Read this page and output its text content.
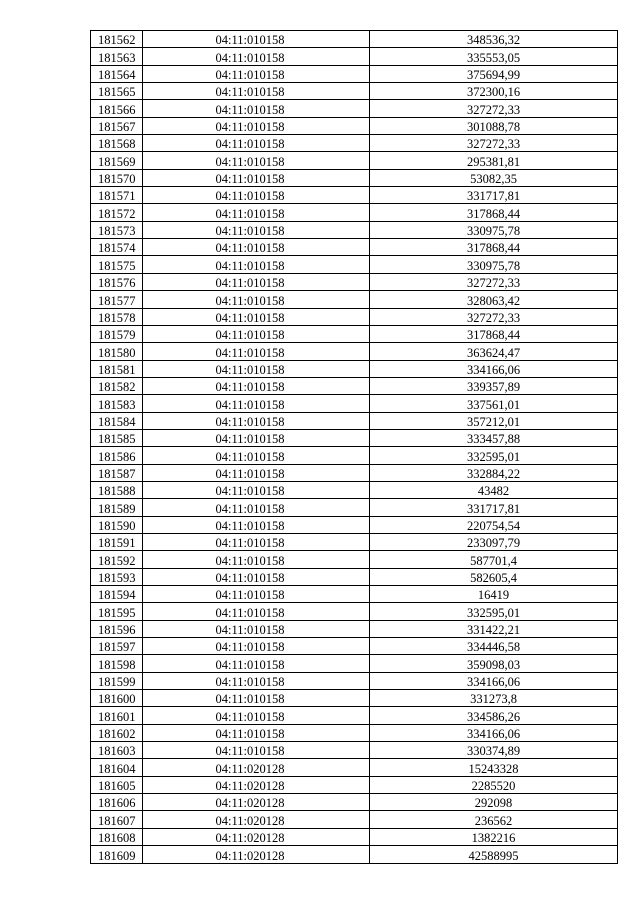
181562	04:11:010158	348536,32
181563	04:11:010158	335553,05
181564	04:11:010158	375694,99
181565	04:11:010158	372300,16
181566	04:11:010158	327272,33
181567	04:11:010158	301088,78
181568	04:11:010158	327272,33
181569	04:11:010158	295381,81
181570	04:11:010158	53082,35
181571	04:11:010158	331717,81
181572	04:11:010158	317868,44
181573	04:11:010158	330975,78
181574	04:11:010158	317868,44
181575	04:11:010158	330975,78
181576	04:11:010158	327272,33
181577	04:11:010158	328063,42
181578	04:11:010158	327272,33
181579	04:11:010158	317868,44
181580	04:11:010158	363624,47
181581	04:11:010158	334166,06
181582	04:11:010158	339357,89
181583	04:11:010158	337561,01
181584	04:11:010158	357212,01
181585	04:11:010158	333457,88
181586	04:11:010158	332595,01
181587	04:11:010158	332884,22
181588	04:11:010158	43482
181589	04:11:010158	331717,81
181590	04:11:010158	220754,54
181591	04:11:010158	233097,79
181592	04:11:010158	587701,4
181593	04:11:010158	582605,4
181594	04:11:010158	16419
181595	04:11:010158	332595,01
181596	04:11:010158	331422,21
181597	04:11:010158	334446,58
181598	04:11:010158	359098,03
181599	04:11:010158	334166,06
181600	04:11:010158	331273,8
181601	04:11:010158	334586,26
181602	04:11:010158	334166,06
181603	04:11:010158	330374,89
181604	04:11:020128	15243328
181605	04:11:020128	2285520
181606	04:11:020128	292098
181607	04:11:020128	236562
181608	04:11:020128	1382216
181609	04:11:020128	42588995
